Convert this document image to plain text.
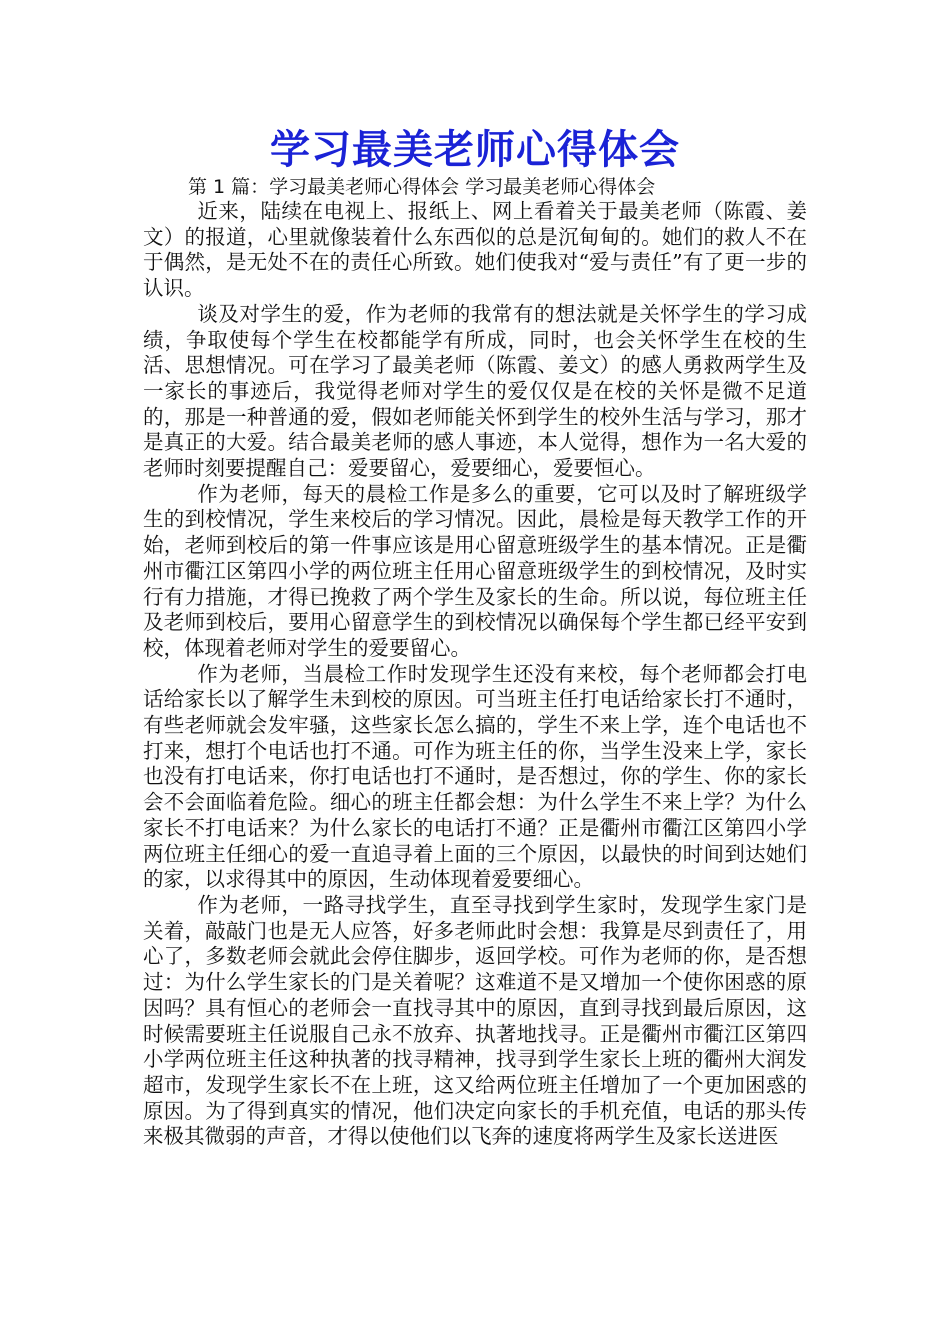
学习最美老师心得体会
第 1 篇：学习最美老师心得体会 学习最美老师心得体会

近来，陆续在电视上、报纸上、网上看着关于最美老师（陈霞、姜文）的报道，心里就像装着什么东西似的总是沉甸甸的。她们的救人不在于偶然，是无处不在的责任心所致。她们使我对“爱与责任”有了更一步的认识。

谈及对学生的爱，作为老师的我常有的想法就是关怀学生的学习成绩，争取使每个学生在校都能学有所成，同时，也会关怀学生在校的生活、思想情况。可在学习了最美老师（陈霞、姜文）的感人勇救两学生及一家长的事迹后，我觉得老师对学生的爱仅仅是在校的关怀是微不足道的，那是一种普通的爱，假如老师能关怀到学生的校外生活与学习，那才是真正的大爱。结合最美老师的感人事迹，本人觉得，想作为一名大爱的老师时刻要提醒自己：爱要留心，爱要细心，爱要恒心。

作为老师，每天的晨检工作是多么的重要，它可以及时了解班级学生的到校情况，学生来校后的学习情况。因此，晨检是每天教学工作的开始，老师到校后的第一件事应该是用心留意班级学生的基本情况。正是衢州市衢江区第四小学的两位班主任用心留意班级学生的到校情况，及时实行有力措施，才得已挽救了两个学生及家长的生命。所以说，每位班主任及老师到校后，要用心留意学生的到校情况以确保每个学生都已经平安到校，体现着老师对学生的爱要留心。

作为老师，当晨检工作时发现学生还没有来校，每个老师都会打电话给家长以了解学生未到校的原因。可当班主任打电话给家长打不通时，有些老师就会发牢骚，这些家长怎么搞的，学生不来上学，连个电话也不打来，想打个电话也打不通。可作为班主任的你，当学生没来上学，家长也没有打电话来，你打电话也打不通时，是否想过，你的学生、你的家长会不会面临着危险。细心的班主任都会想：为什么学生不来上学？为什么家长不打电话来？为什么家长的电话打不通？正是衢州市衢江区第四小学两位班主任细心的爱一直追寻着上面的三个原因，以最快的时间到达她们的家，以求得其中的原因，生动体现着爱要细心。

作为老师，一路寻找学生，直至寻找到学生家时，发现学生家门是关着，敲敲门也是无人应答，好多老师此时会想：我算是尽到责任了，用心了，多数老师会就此会停住脚步，返回学校。可作为老师的你，是否想过：为什么学生家长的门是关着呢？这难道不是又增加一个使你困惑的原因吗？具有恒心的老师会一直找寻其中的原因，直到寻找到最后原因，这时候需要班主任说服自己永不放弃、执著地找寻。正是衢州市衢江区第四小学两位班主任这种执著的找寻精神，找寻到学生家长上班的衢州大润发超市，发现学生家长不在上班，这又给两位班主任增加了一个更加困惑的原因。为了得到真实的情况，他们决定向家长的手机充值，电话的那头传来极其微弱的声音，才得以使他们以飞奔的速度将两学生及家长送进医
